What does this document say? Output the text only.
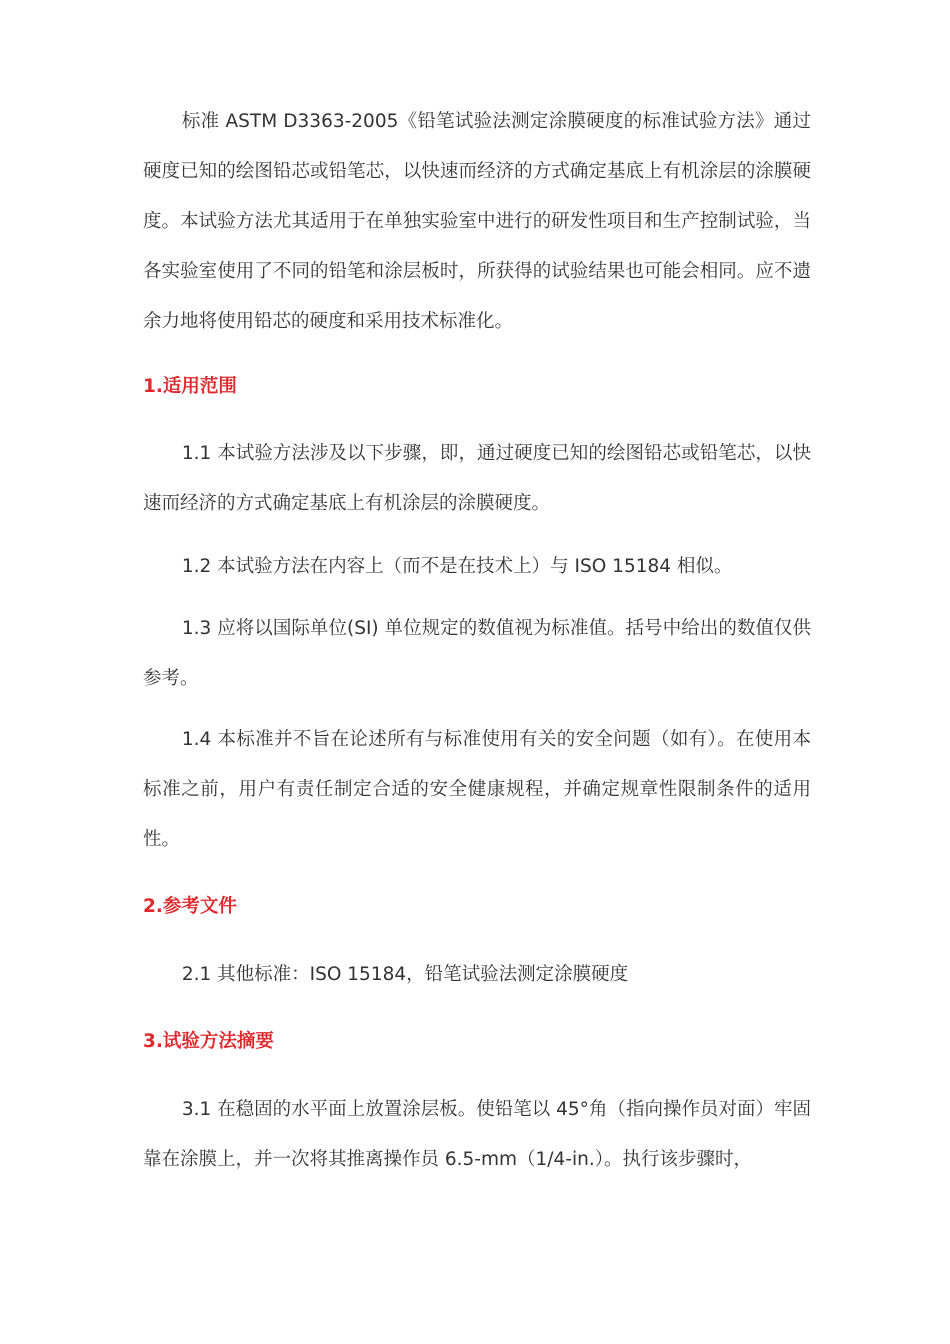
标准 ASTM D3363-2005《铅笔试验法测定涂膜硬度的标准试验方法》通过硬度已知的绘图铅芯或铅笔芯，以快速而经济的方式确定基底上有机涂层的涂膜硬度。本试验方法尤其适用于在单独实验室中进行的研发性项目和生产控制试验，当各实验室使用了不同的铅笔和涂层板时，所获得的试验结果也可能会相同。应不遗余力地将使用铅芯的硬度和采用技术标准化。

1.适用范围

1.1 本试验方法涉及以下步骤，即，通过硬度已知的绘图铅芯或铅笔芯，以快速而经济的方式确定基底上有机涂层的涂膜硬度。

1.2 本试验方法在内容上（而不是在技术上）与 ISO 15184 相似。

1.3 应将以国际单位(SI) 单位规定的数值视为标准值。括号中给出的数值仅供参考。

1.4 本标准并不旨在论述所有与标准使用有关的安全问题（如有）。在使用本标准之前，用户有责任制定合适的安全健康规程，并确定规章性限制条件的适用性。

2.参考文件

2.1 其他标准：ISO 15184，铅笔试验法测定涂膜硬度

3.试验方法摘要

3.1 在稳固的水平面上放置涂层板。使铅笔以 45°角（指向操作员对面）牢固靠在涂膜上，并一次将其推离操作员 6.5-mm（1/4-in.）。执行该步骤时，
